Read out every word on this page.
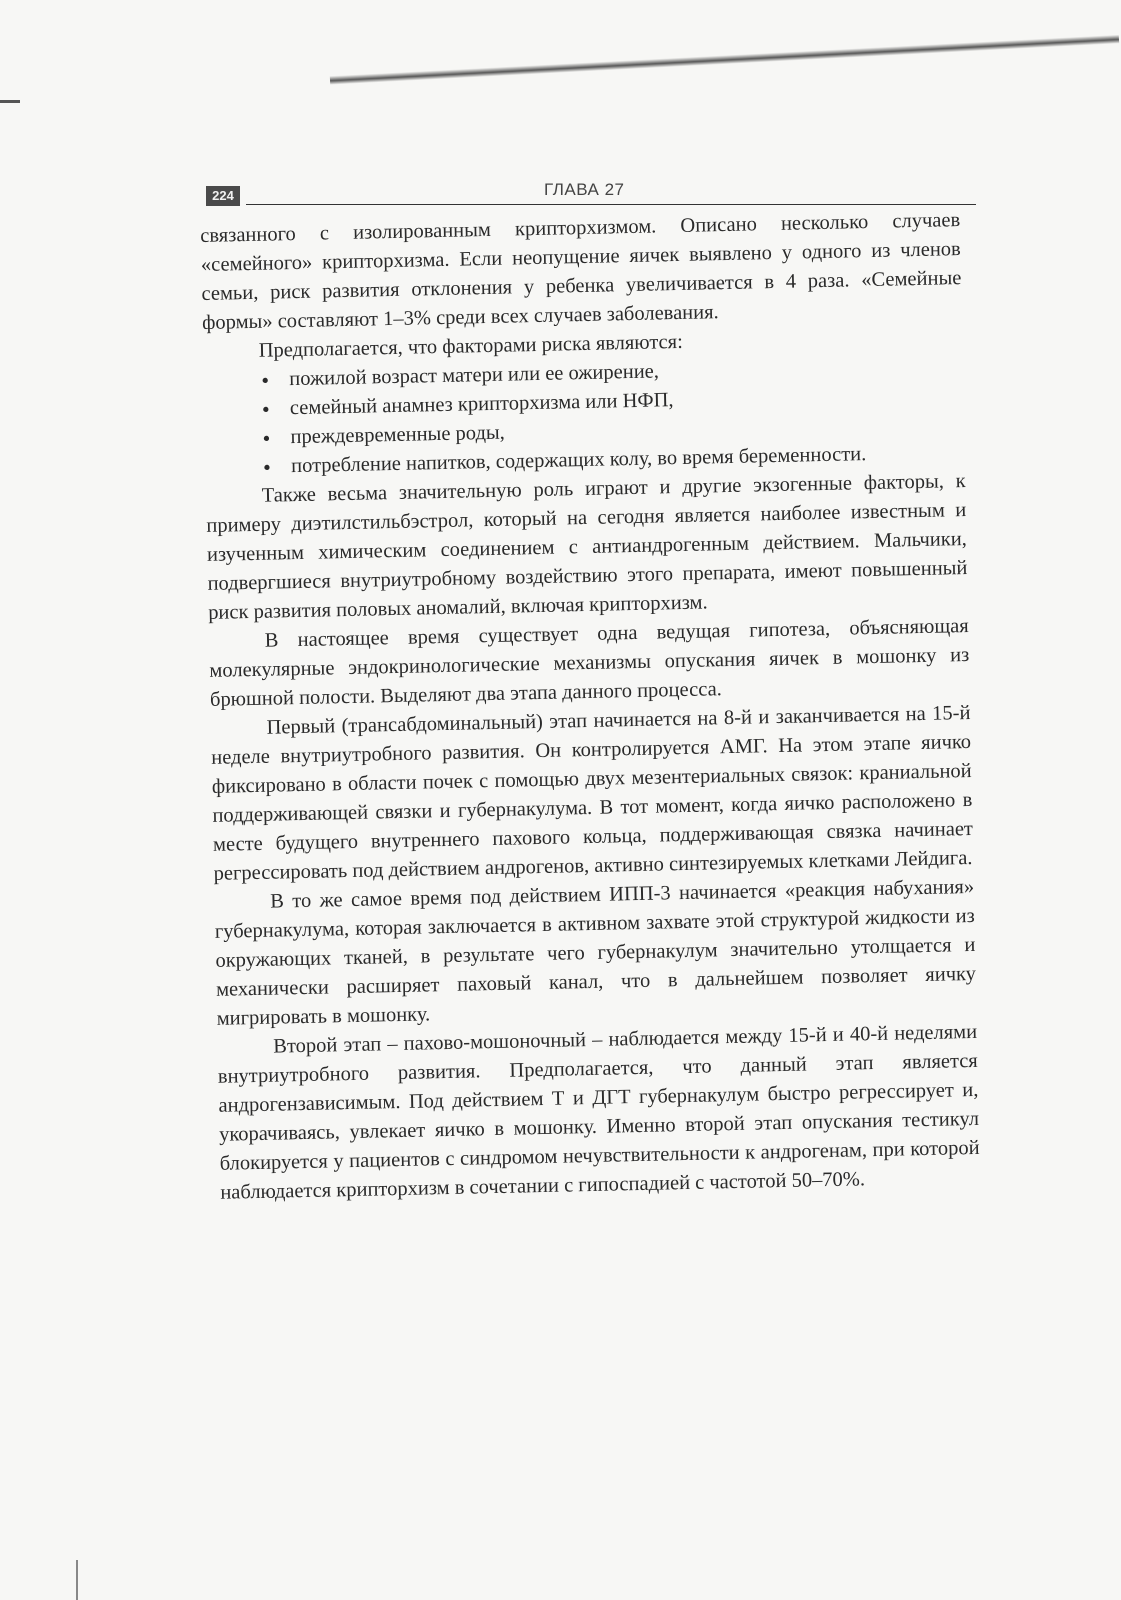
224	ГЛАВА 27

связанного с изолированным крипторхизмом. Описано несколько случаев «семейного» крипторхизма. Если неопущение яичек выявлено у одного из членов семьи, риск развития отклонения у ребенка увеличивается в 4 раза. «Семейные формы» составляют 1–3% среди всех случаев заболевания.

Предполагается, что факторами риска являются:

• пожилой возраст матери или ее ожирение,
• семейный анамнез крипторхизма или НФП,
• преждевременные роды,
• потребление напитков, содержащих колу, во время беременности.

Также весьма значительную роль играют и другие экзогенные факторы, к примеру диэтилстильбэстрол, который на сегодня является наиболее известным и изученным химическим соединением с антиандрогенным действием. Мальчики, подвергшиеся внутриутробному воздействию этого препарата, имеют повышенный риск развития половых аномалий, включая крипторхизм.

В настоящее время существует одна ведущая гипотеза, объясняющая молекулярные эндокринологические механизмы опускания яичек в мошонку из брюшной полости. Выделяют два этапа данного процесса.

Первый (трансабдоминальный) этап начинается на 8-й и заканчивается на 15-й неделе внутриутробного развития. Он контролируется АМГ. На этом этапе яичко фиксировано в области почек с помощью двух мезентериальных связок: краниальной поддерживающей связки и губернакулума. В тот момент, когда яичко расположено в месте будущего внутреннего пахового кольца, поддерживающая связка начинает регрессировать под действием андрогенов, активно синтезируемых клетками Лейдига.

В то же самое время под действием ИПП-3 начинается «реакция набухания» губернакулума, которая заключается в активном захвате этой структурой жидкости из окружающих тканей, в результате чего губернакулум значительно утолщается и механически расширяет паховый канал, что в дальнейшем позволяет яичку мигрировать в мошонку.

Второй этап – пахово-мошоночный – наблюдается между 15-й и 40-й неделями внутриутробного развития. Предполагается, что данный этап является андрогензависимым. Под действием Т и ДГТ губернакулум быстро регрессирует и, укорачиваясь, увлекает яичко в мошонку. Именно второй этап опускания тестикул блокируется у пациентов с синдромом нечувствительности к андрогенам, при которой наблюдается крипторхизм в сочетании с гипоспадией с частотой 50–70%.
